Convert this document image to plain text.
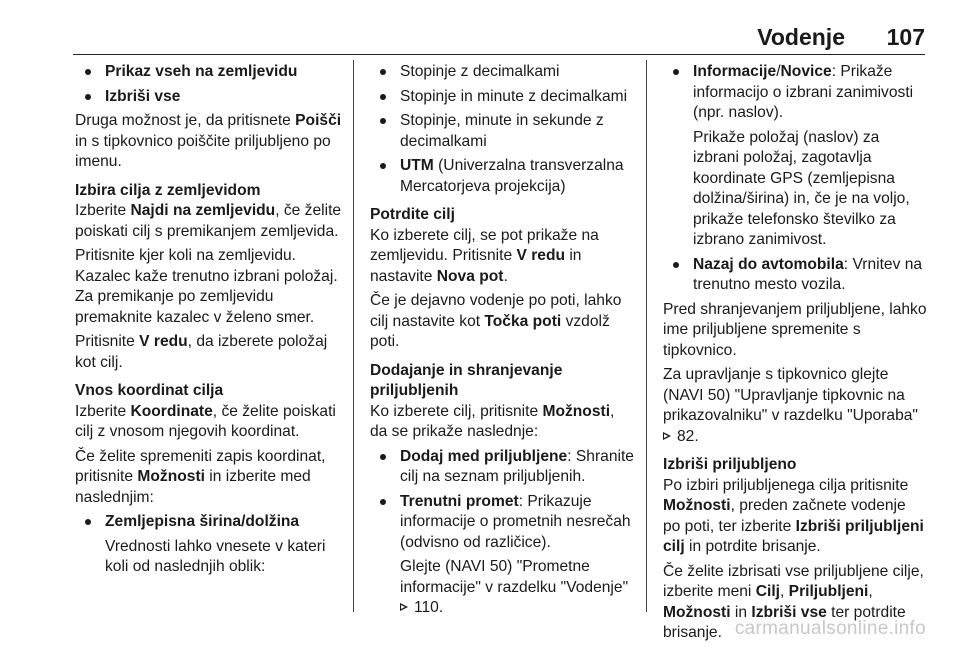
Vodenje 107
Prikaz vseh na zemljevidu
Izbriši vse

Druga možnost je, da pritisnete Poišči in s tipkovnico poiščite priljubljeno po imenu.

Izbira cilja z zemljevidom

Izberite Najdi na zemljevidu, če želite poiskati cilj s premikanjem zemljevida.

Pritisnite kjer koli na zemljevidu. Kazalec kaže trenutno izbrani položaj. Za premikanje po zemljevidu premaknite kazalec v želeno smer.

Pritisnite V redu, da izberete položaj kot cilj.

Vnos koordinat cilja

Izberite Koordinate, če želite poiskati cilj z vnosom njegovih koordinat.

Če želite spremeniti zapis koordinat, pritisnite Možnosti in izberite med naslednjim:

Zemljepisna širina/dolžina

Vrednosti lahko vnesete v kateri koli od naslednjih oblik:

Stopinje z decimalkami
Stopinje in minute z decimalkami
Stopinje, minute in sekunde z decimalkami
UTM (Univerzalna transverzalna Mercatorjeva projekcija)

Potrdite cilj

Ko izberete cilj, se pot prikaže na zemljevidu. Pritisnite V redu in nastavite Nova pot.

Če je dejavno vodenje po poti, lahko cilj nastavite kot Točka poti vzdolž poti.

Dodajanje in shranjevanje priljubljenih

Ko izberete cilj, pritisnite Možnosti, da se prikaže naslednje:

Dodaj med priljubljene: Shranite cilj na seznam priljubljenih.
Trenutni promet: Prikazuje informacije o prometnih nesrečah (odvisno od različice).

Glejte (NAVI 50) "Prometne informacije" v razdelku "Vodenje"
110.

Informacije/Novice: Prikaže informacijo o izbrani zanimivosti (npr. naslov).

Prikaže položaj (naslov) za izbrani položaj, zagotavlja koordinate GPS (zemljepisna dolžina/širina) in, če je na voljo, prikaže telefonsko številko za izbrano zanimivost.

Nazaj do avtomobila: Vrnitev na trenutno mesto vozila.

Pred shranjevanjem priljubljene, lahko ime priljubljene spremenite s tipkovnico.

Za upravljanje s tipkovnico glejte (NAVI 50) "Upravljanje tipkovnic na prikazovalniku" v razdelku "Uporaba"
82.

Izbriši priljubljeno

Po izbiri priljubljenega cilja pritisnite Možnosti, preden začnete vodenje po poti, ter izberite Izbriši priljubljeni cilj in potrdite brisanje.

Če želite izbrisati vse priljubljene cilje, izberite meni Cilj, Priljubljeni, Možnosti in Izbriši vse ter potrdite brisanje. carmanualsonline.info
